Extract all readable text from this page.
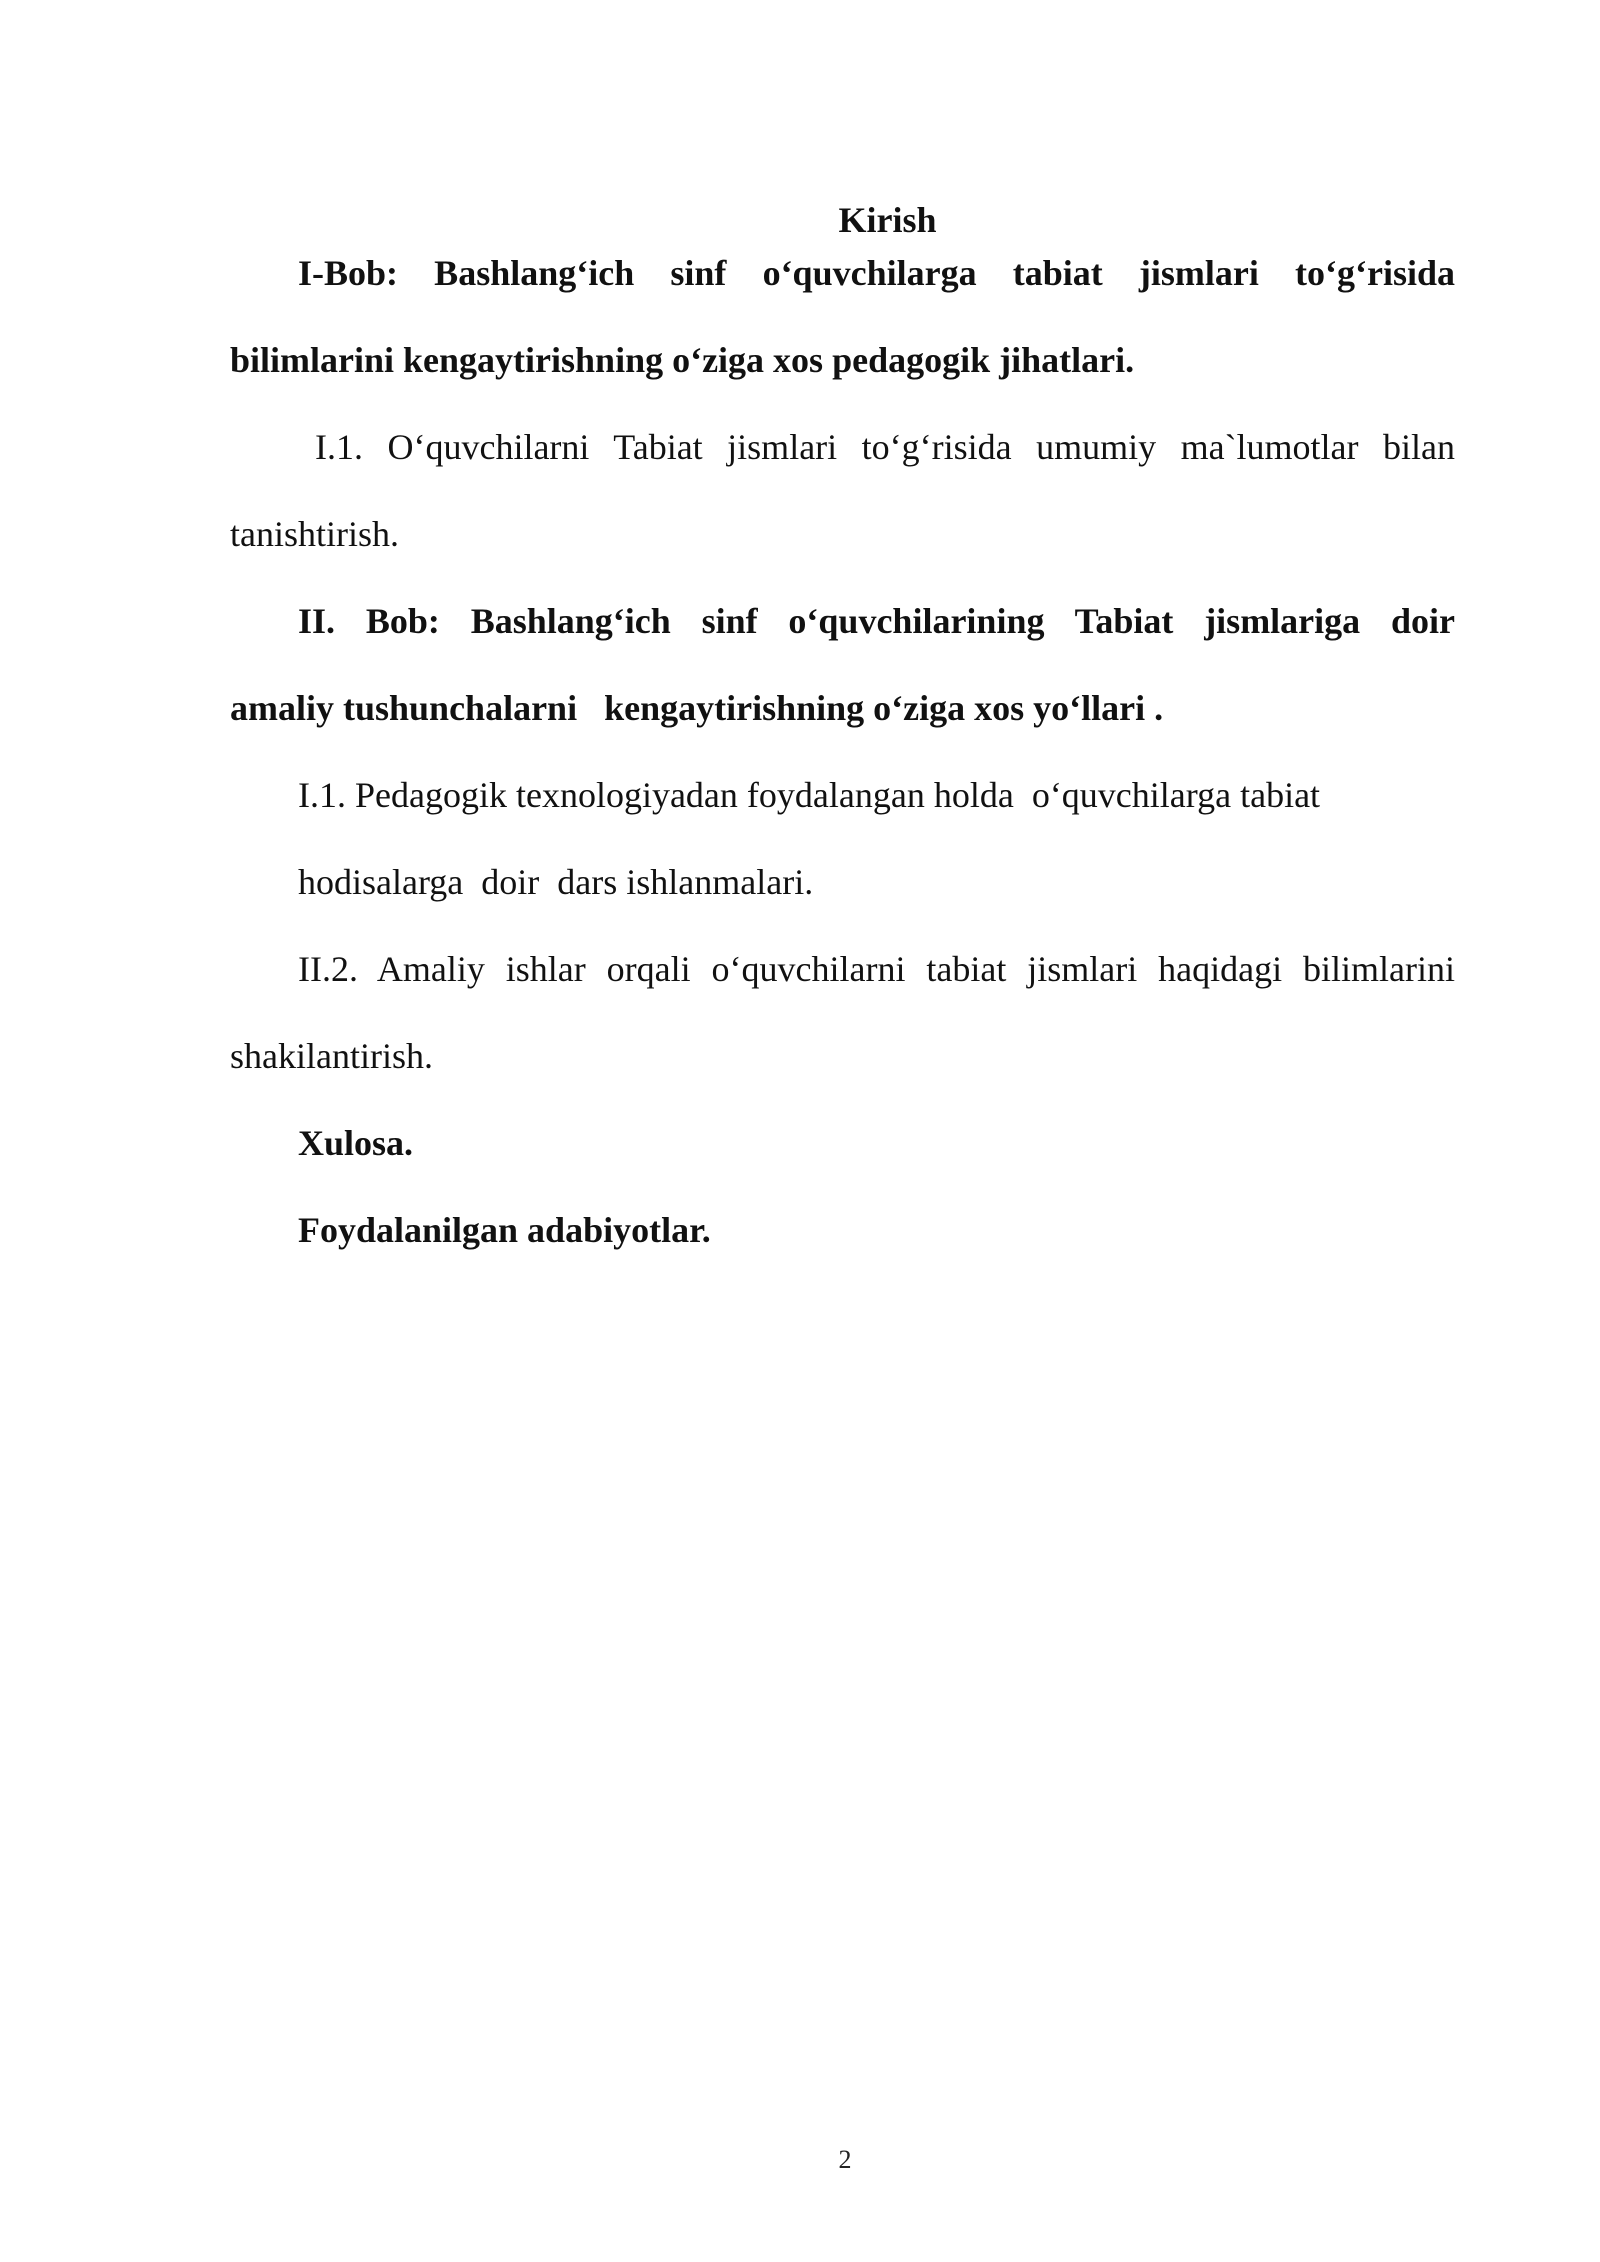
Kirish
I-Bob: Bashlang‘ich sinf o‘quvchilarga tabiat jismlari to‘g‘risida

bilimlarini kengaytirishning o‘ziga xos pedagogik jihatlari.

I.1. O‘quvchilarni Tabiat jismlari to‘g‘risida umumiy ma`lumotlar bilan

tanishtirish.

II. Bob: Bashlang‘ich sinf o‘quvchilarining Tabiat jismlariga doir

amaliy tushunchalarni   kengaytirishning o‘ziga xos yo‘llari .

I.1. Pedagogik texnologiyadan foydalangan holda  o‘quvchilarga tabiat

hodisalarga  doir  dars ishlanmalari.

II.2. Amaliy ishlar orqali o‘quvchilarni tabiat jismlari haqidagi bilimlarini

shakilantirish.

Xulosa.

Foydalanilgan adabiyotlar.

2
